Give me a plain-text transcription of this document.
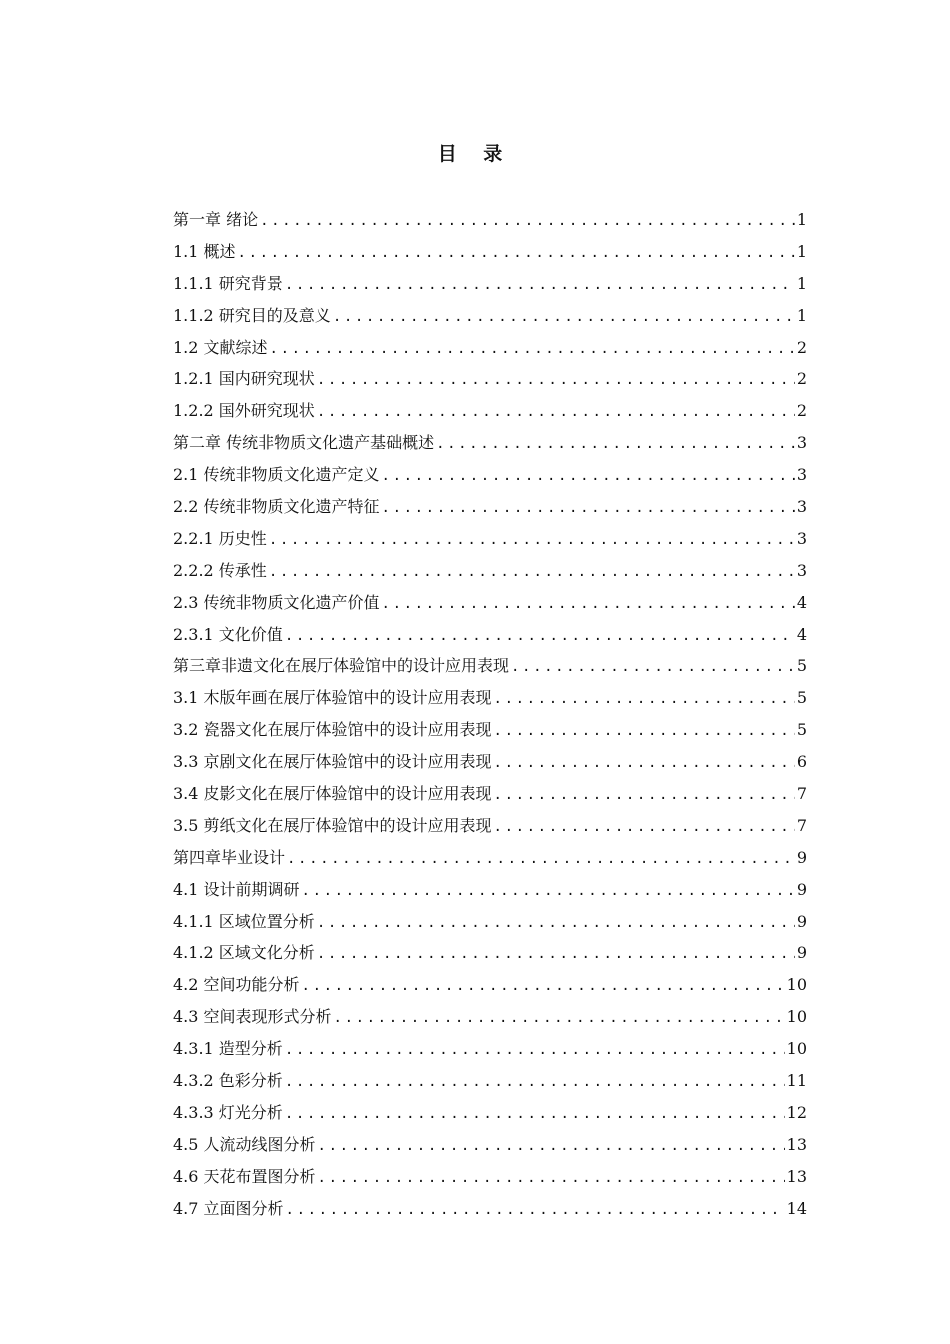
目 录
第一章 绪论 .....	1
1.1 概述 .....	1
1.1.1 研究背景 .....	1
1.1.2 研究目的及意义 .....	1
1.2 文献综述 .....	2
1.2.1 国内研究现状 .....	2
1.2.2 国外研究现状 .....	2
第二章 传统非物质文化遗产基础概述 .....	3
2.1 传统非物质文化遗产定义 .....	3
2.2 传统非物质文化遗产特征 .....	3
2.2.1 历史性 .....	3
2.2.2 传承性 .....	3
2.3 传统非物质文化遗产价值 .....	4
2.3.1 文化价值 .....	4
第三章非遗文化在展厅体验馆中的设计应用表现 .....	5
3.1 木版年画在展厅体验馆中的设计应用表现 .....	5
3.2 瓷器文化在展厅体验馆中的设计应用表现 .....	5
3.3 京剧文化在展厅体验馆中的设计应用表现 .....	6
3.4 皮影文化在展厅体验馆中的设计应用表现 .....	7
3.5 剪纸文化在展厅体验馆中的设计应用表现 .....	7
第四章毕业设计 .....	9
4.1 设计前期调研 .....	9
4.1.1 区域位置分析 .....	9
4.1.2 区域文化分析 .....	9
4.2 空间功能分析 .....	10
4.3 空间表现形式分析 .....	10
4.3.1 造型分析 .....	10
4.3.2 色彩分析 .....	11
4.3.3 灯光分析 .....	12
4.5 人流动线图分析 .....	13
4.6 天花布置图分析 .....	13
4.7 立面图分析 .....	14
